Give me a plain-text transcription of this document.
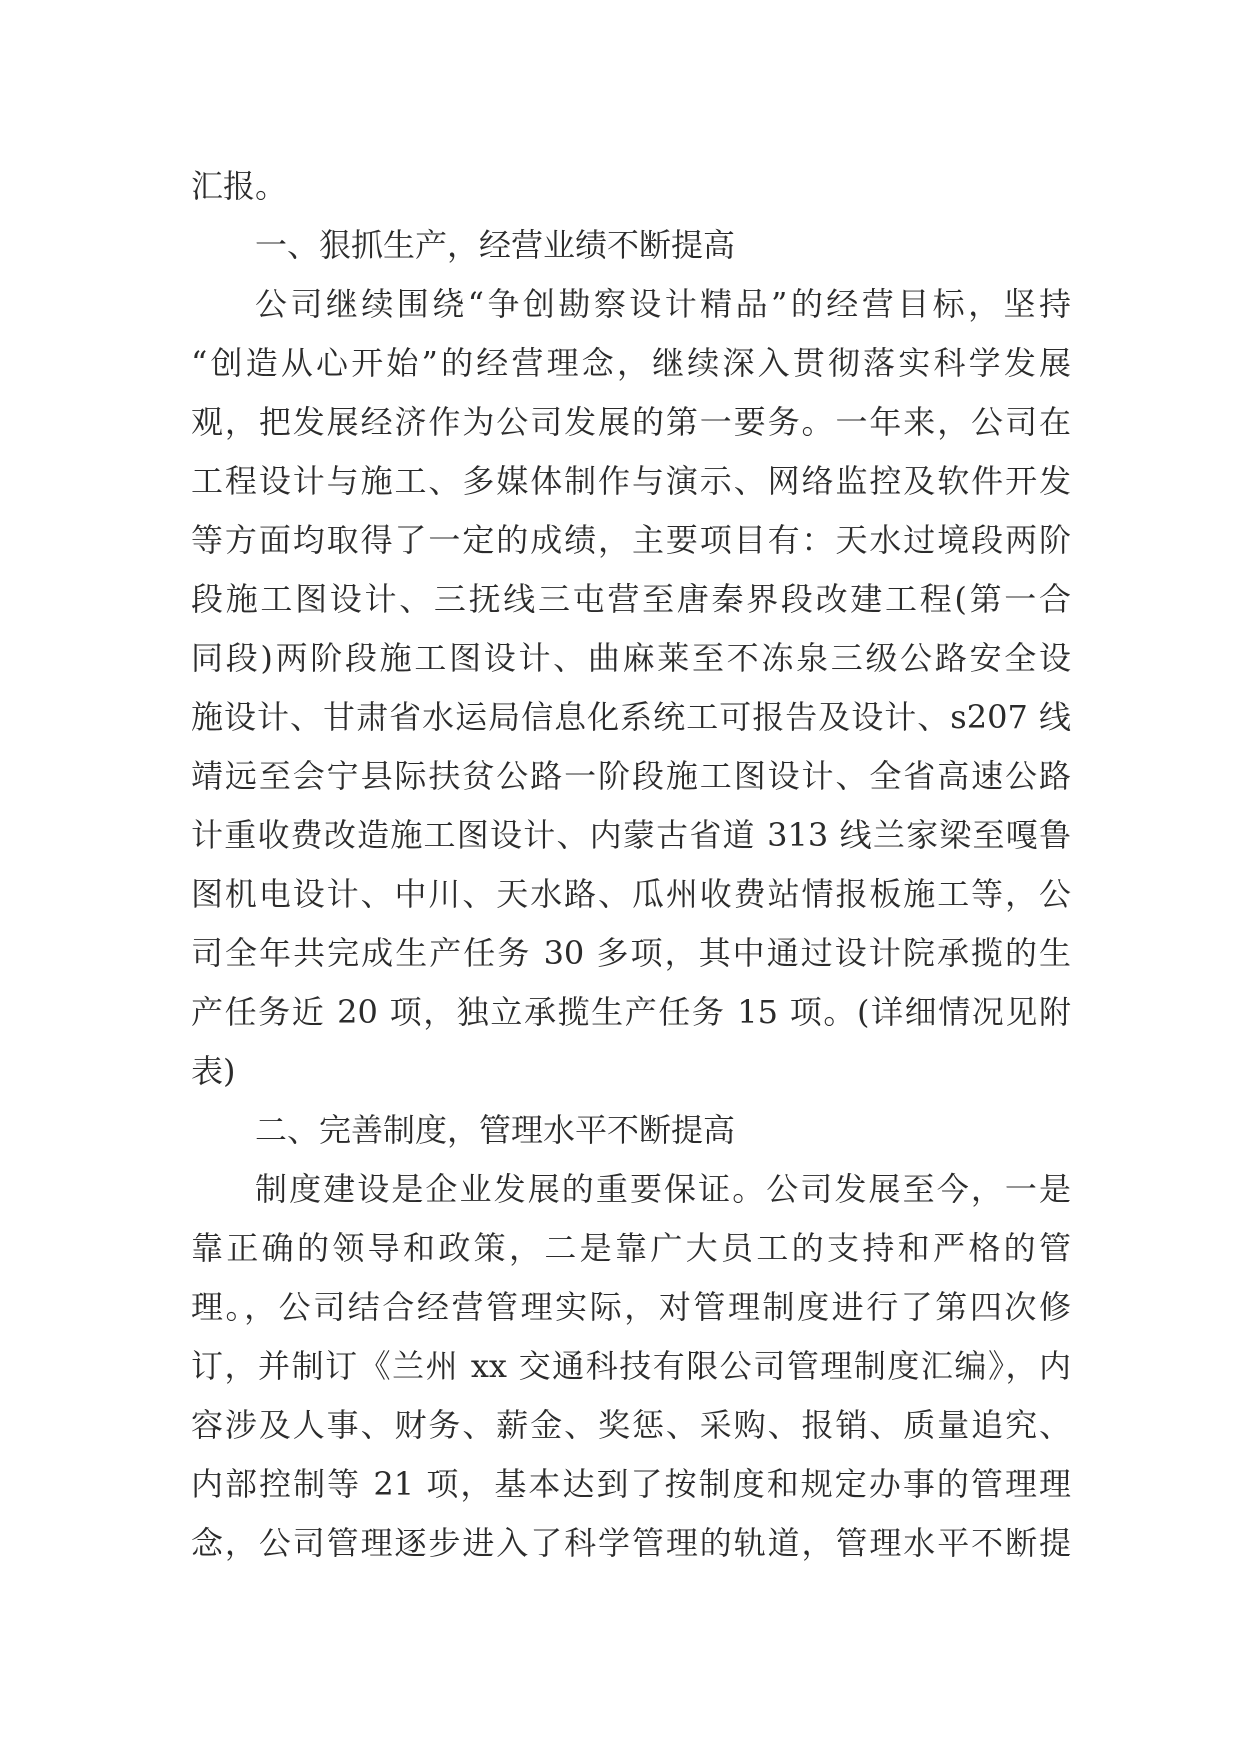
汇报。
一、狠抓生产，经营业绩不断提高
公司继续围绕“争创勘察设计精品”的经营目标，坚持
“创造从心开始”的经营理念，继续深入贯彻落实科学发展
观，把发展经济作为公司发展的第一要务。一年来，公司在
工程设计与施工、多媒体制作与演示、网络监控及软件开发
等方面均取得了一定的成绩，主要项目有：天水过境段两阶
段施工图设计、三抚线三屯营至唐秦界段改建工程(第一合
同段)两阶段施工图设计、曲麻莱至不冻泉三级公路安全设
施设计、甘肃省水运局信息化系统工可报告及设计、s207 线
靖远至会宁县际扶贫公路一阶段施工图设计、全省高速公路
计重收费改造施工图设计、内蒙古省道 313 线兰家梁至嘎鲁
图机电设计、中川、天水路、瓜州收费站情报板施工等，公
司全年共完成生产任务 30 多项，其中通过设计院承揽的生
产任务近 20 项，独立承揽生产任务 15 项。(详细情况见附
表)
二、完善制度，管理水平不断提高
制度建设是企业发展的重要保证。公司发展至今，一是
靠正确的领导和政策，二是靠广大员工的支持和严格的管
理。，公司结合经营管理实际，对管理制度进行了第四次修
订，并制订《兰州 xx 交通科技有限公司管理制度汇编》，内
容涉及人事、财务、薪金、奖惩、采购、报销、质量追究、
内部控制等 21 项，基本达到了按制度和规定办事的管理理
念，公司管理逐步进入了科学管理的轨道，管理水平不断提
